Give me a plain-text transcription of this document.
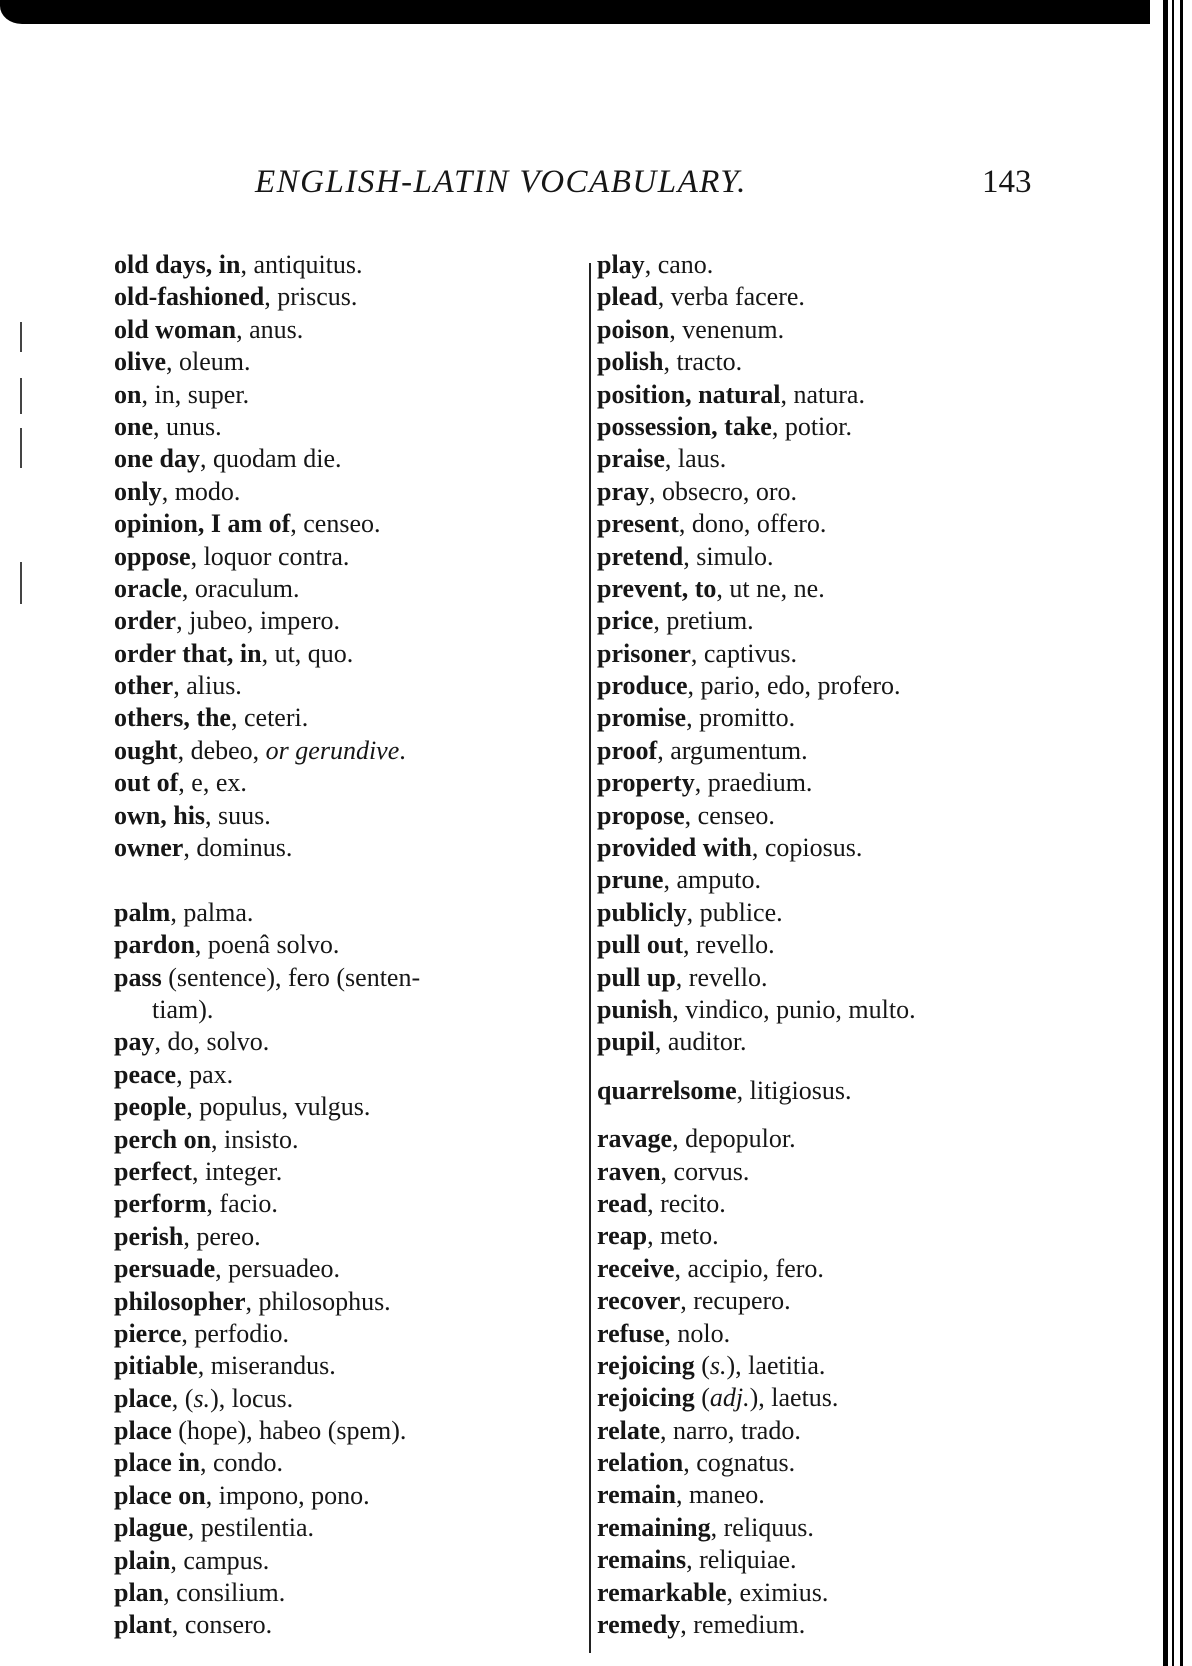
ENGLISH-LATIN VOCABULARY.	143
old days, in, antiquitus.
old-fashioned, priscus.
old woman, anus.
olive, oleum.
on, in, super.
one, unus.
one day, quodam die.
only, modo.
opinion, I am of, censeo.
oppose, loquor contra.
oracle, oraculum.
order, jubeo, impero.
order that, in, ut, quo.
other, alius.
others, the, ceteri.
ought, debeo, or gerundive.
out of, e, ex.
own, his, suus.
owner, dominus.
palm, palma.
pardon, poenâ solvo.
pass (sentence), fero (senten-
tiam).
pay, do, solvo.
peace, pax.
people, populus, vulgus.
perch on, insisto.
perfect, integer.
perform, facio.
perish, pereo.
persuade, persuadeo.
philosopher, philosophus.
pierce, perfodio.
pitiable, miserandus.
place, (s.), locus.
place (hope), habeo (spem).
place in, condo.
place on, impono, pono.
plague, pestilentia.
plain, campus.
plan, consilium.
plant, consero.
play, cano.
plead, verba facere.
poison, venenum.
polish, tracto.
position, natural, natura.
possession, take, potior.
praise, laus.
pray, obsecro, oro.
present, dono, offero.
pretend, simulo.
prevent, to, ut ne, ne.
price, pretium.
prisoner, captivus.
produce, pario, edo, profero.
promise, promitto.
proof, argumentum.
property, praedium.
propose, censeo.
provided with, copiosus.
prune, amputo.
publicly, publice.
pull out, revello.
pull up, revello.
punish, vindico, punio, multo.
pupil, auditor.
quarrelsome, litigiosus.
ravage, depopulor.
raven, corvus.
read, recito.
reap, meto.
receive, accipio, fero.
recover, recupero.
refuse, nolo.
rejoicing (s.), laetitia.
rejoicing (adj.), laetus.
relate, narro, trado.
relation, cognatus.
remain, maneo.
remaining, reliquus.
remains, reliquiae.
remarkable, eximius.
remedy, remedium.
